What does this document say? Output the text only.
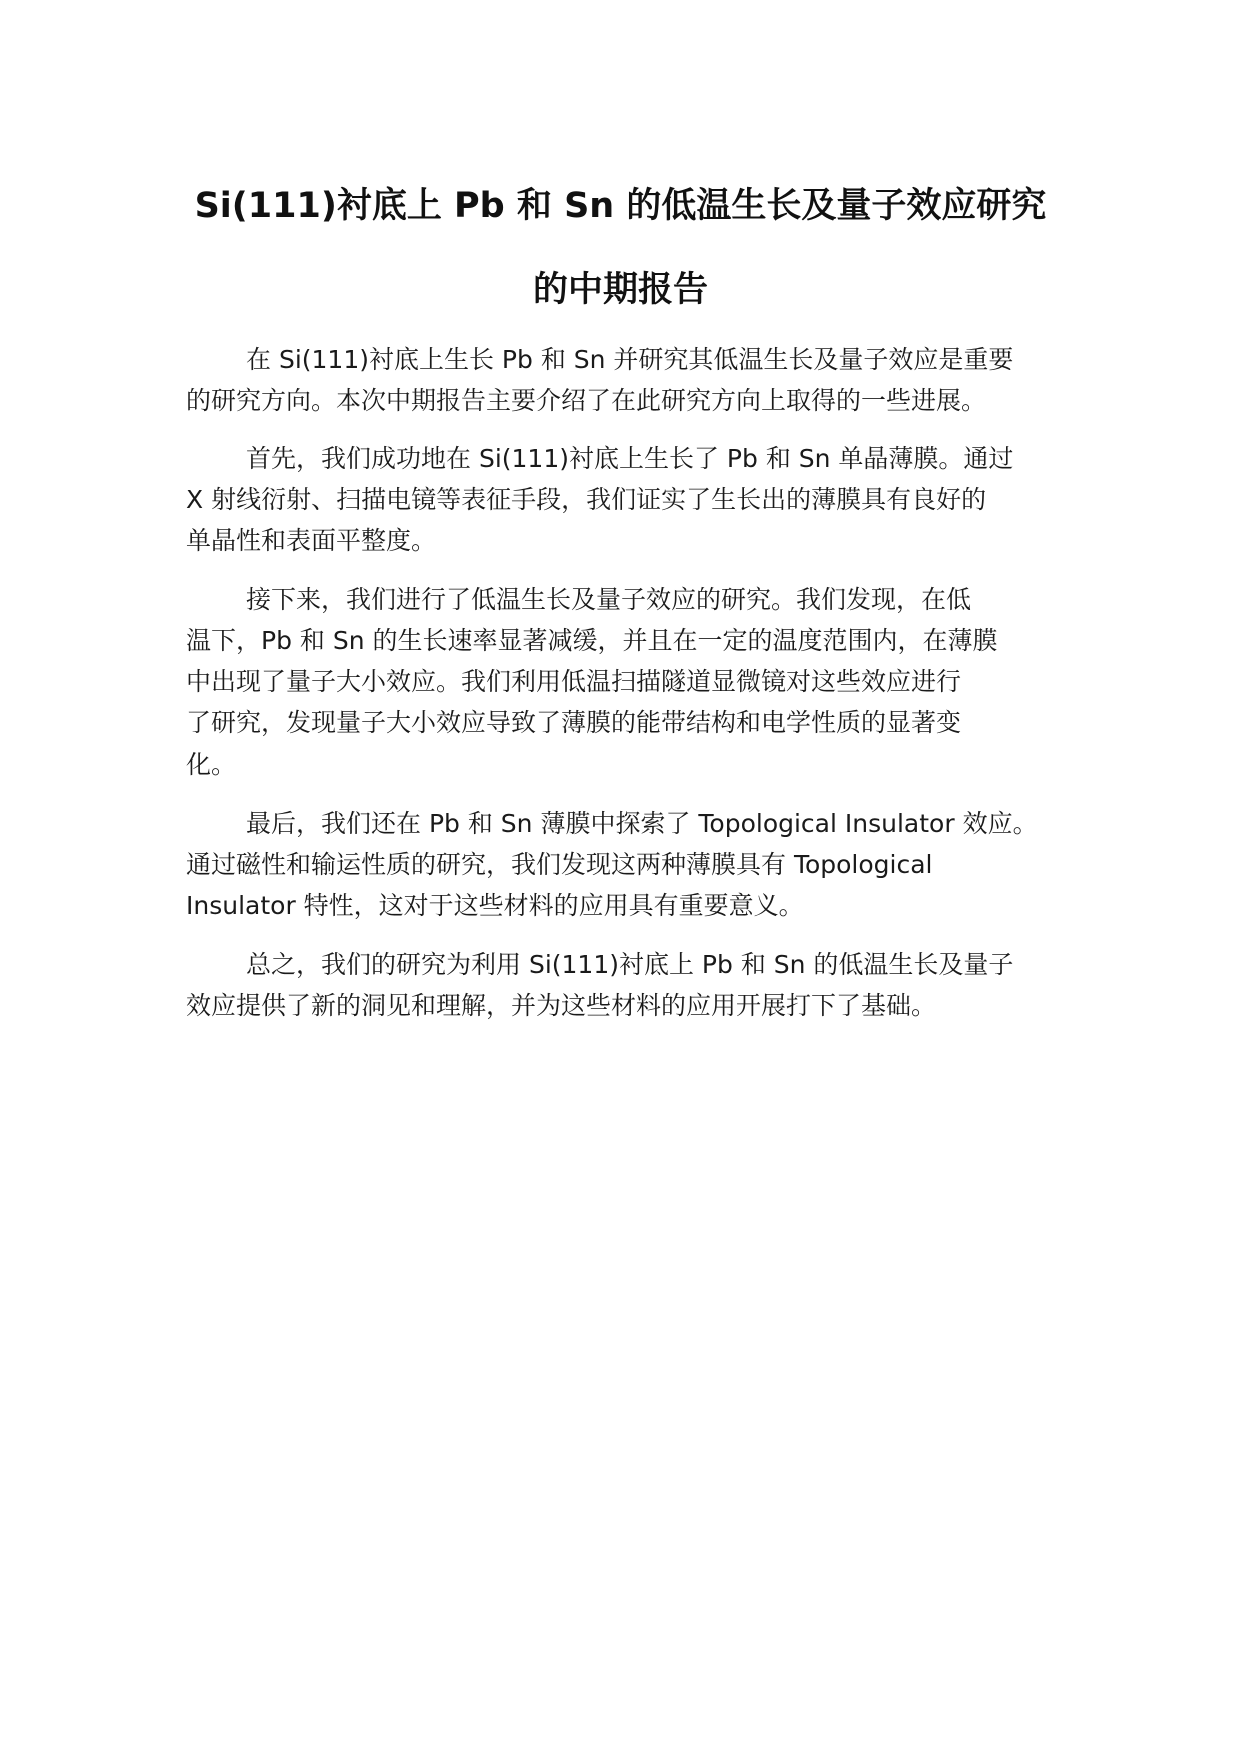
Si(111)衬底上 Pb 和 Sn 的低温生长及量子效应研究
的中期报告
在 Si(111)衬底上生长 Pb 和 Sn 并研究其低温生长及量子效应是重要
的研究方向。本次中期报告主要介绍了在此研究方向上取得的一些进展。
首先，我们成功地在 Si(111)衬底上生长了 Pb 和 Sn 单晶薄膜。通过
X 射线衍射、扫描电镜等表征手段，我们证实了生长出的薄膜具有良好的
单晶性和表面平整度。
接下来，我们进行了低温生长及量子效应的研究。我们发现，在低
温下，Pb 和 Sn 的生长速率显著减缓，并且在一定的温度范围内，在薄膜
中出现了量子大小效应。我们利用低温扫描隧道显微镜对这些效应进行
了研究，发现量子大小效应导致了薄膜的能带结构和电学性质的显著变
化。
最后，我们还在 Pb 和 Sn 薄膜中探索了 Topological Insulator 效应。
通过磁性和输运性质的研究，我们发现这两种薄膜具有 Topological
Insulator 特性，这对于这些材料的应用具有重要意义。
总之，我们的研究为利用 Si(111)衬底上 Pb 和 Sn 的低温生长及量子
效应提供了新的洞见和理解，并为这些材料的应用开展打下了基础。
